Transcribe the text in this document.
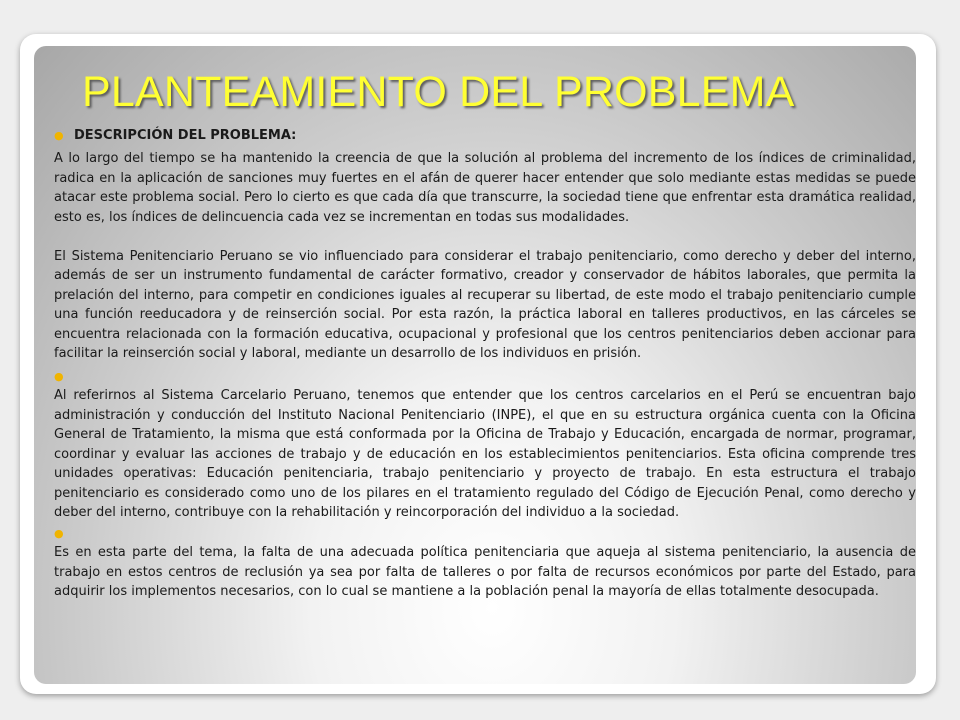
PLANTEAMIENTO DEL PROBLEMA
● DESCRIPCIÓN DEL PROBLEMA:

A lo largo del tiempo se ha mantenido la creencia de que la solución al problema del incremento de los índices de criminalidad, radica en la aplicación de sanciones muy fuertes en el afán de querer hacer entender que solo mediante estas medidas se puede atacar este problema social. Pero lo cierto es que cada día que transcurre, la sociedad tiene que enfrentar esta dramática realidad, esto es, los índices de delincuencia cada vez se incrementan en todas sus modalidades.

El Sistema Penitenciario Peruano se vio influenciado para considerar el trabajo penitenciario, como derecho y deber del interno, además de ser un instrumento fundamental de carácter formativo, creador y conservador de hábitos laborales, que permita la prelación del interno, para competir en condiciones iguales al recuperar su libertad, de este modo el trabajo penitenciario cumple una función reeducadora y de reinserción social. Por esta razón, la práctica laboral en talleres productivos, en las cárceles se encuentra relacionada con la formación educativa, ocupacional y profesional que los centros penitenciarios deben accionar para facilitar la reinserción social y laboral, mediante un desarrollo de los individuos en prisión.

●

Al referirnos al Sistema Carcelario Peruano, tenemos que entender que los centros carcelarios en el Perú se encuentran bajo administración y conducción del Instituto Nacional Penitenciario (INPE), el que en su estructura orgánica cuenta con la Oficina General de Tratamiento, la misma que está conformada por la Oficina de Trabajo y Educación, encargada de normar, programar, coordinar y evaluar las acciones de trabajo y de educación en los establecimientos penitenciarios. Esta oficina comprende tres unidades operativas: Educación penitenciaria, trabajo penitenciario y proyecto de trabajo. En esta estructura el trabajo penitenciario es considerado como uno de los pilares en el tratamiento regulado del Código de Ejecución Penal, como derecho y deber del interno, contribuye con la rehabilitación y reincorporación del individuo a la sociedad.

●

Es en esta parte del tema, la falta de una adecuada política penitenciaria que aqueja al sistema penitenciario, la ausencia de trabajo en estos centros de reclusión ya sea por falta de talleres o por falta de recursos económicos por parte del Estado, para adquirir los implementos necesarios, con lo cual se mantiene a la población penal la mayoría de ellas totalmente desocupada.
